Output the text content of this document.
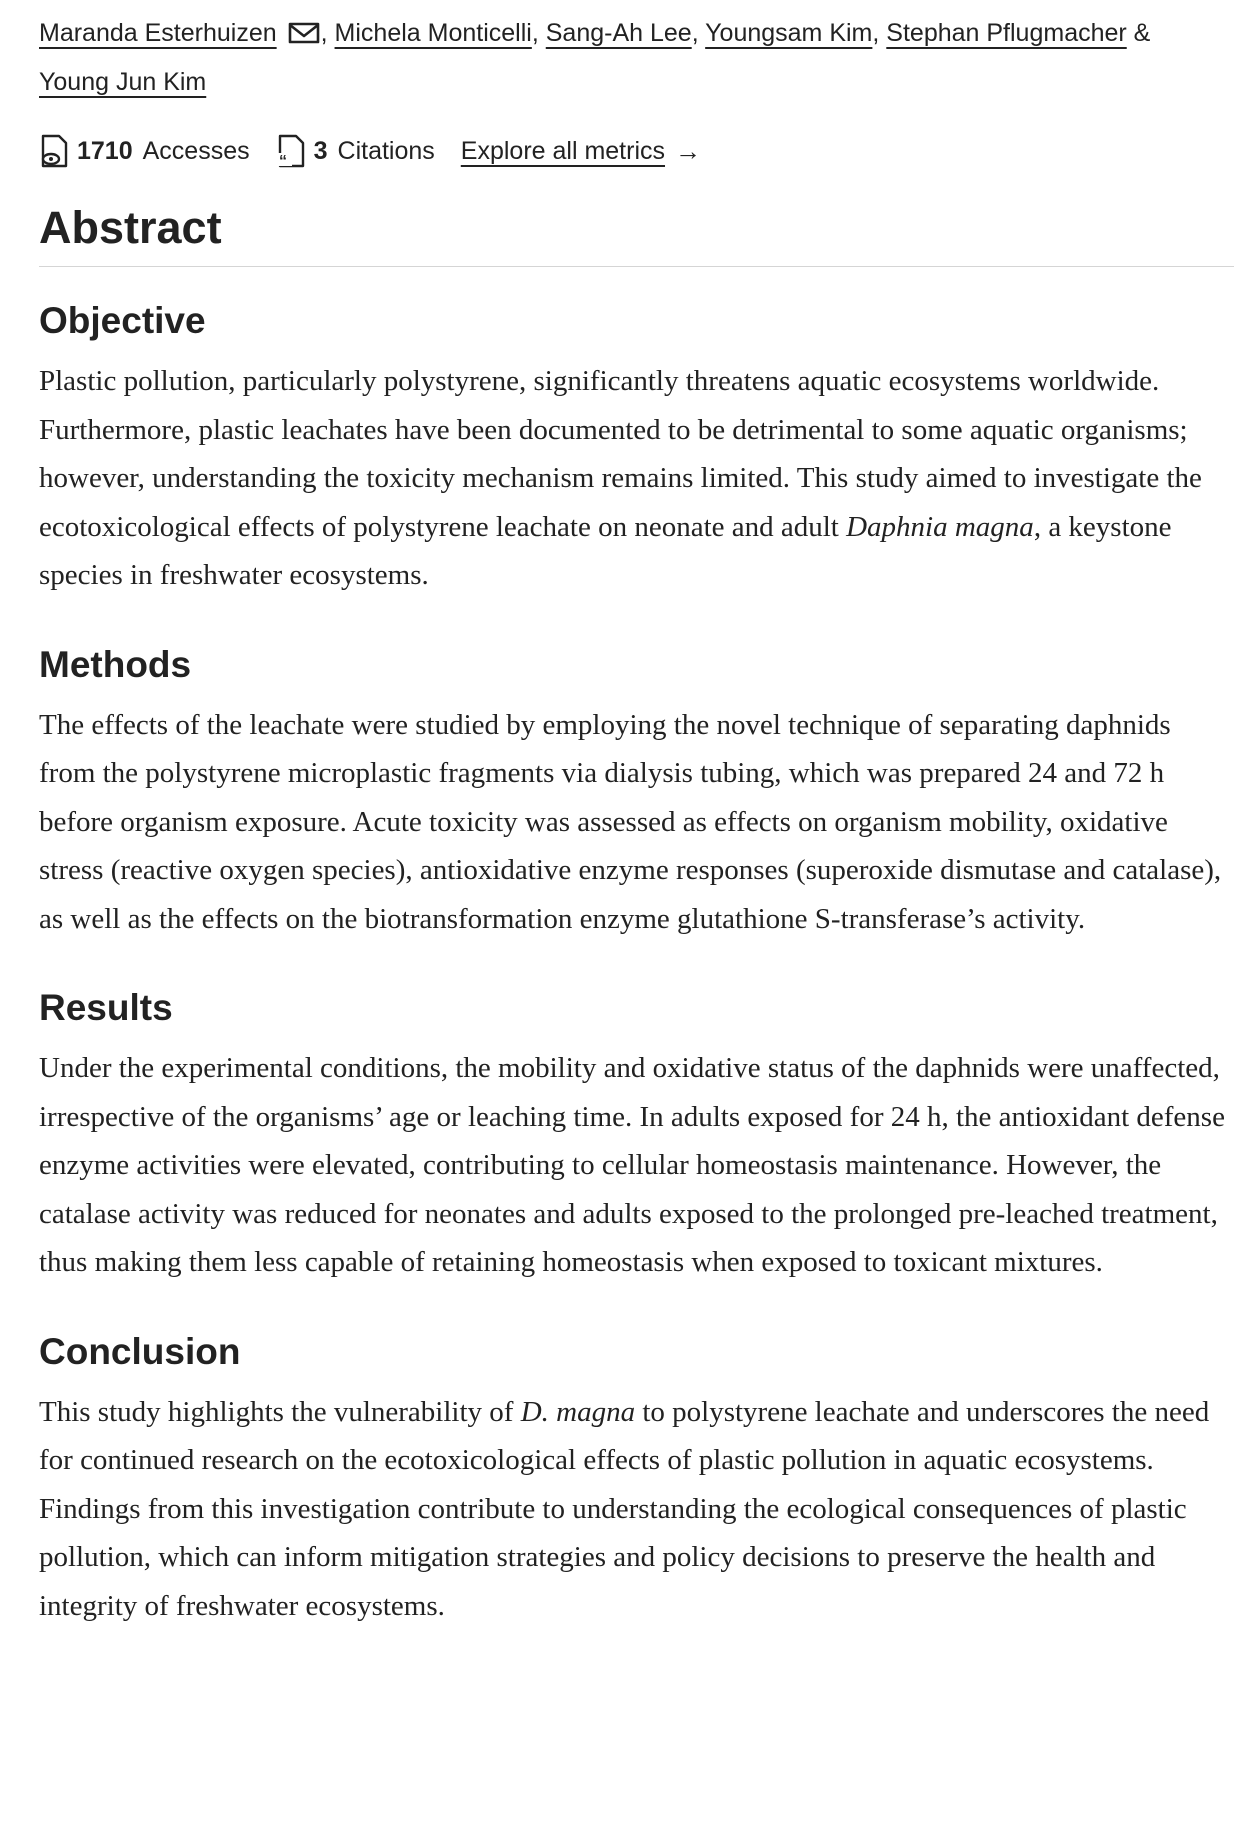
Maranda Esterhuizen , Michela Monticelli, Sang-Ah Lee, Youngsam Kim, Stephan Pflugmacher &
Young Jun Kim
1710 Accesses “ 3 Citations Explore all metrics →
Abstract
Objective

Plastic pollution, particularly polystyrene, significantly threatens aquatic ecosystems worldwide. Furthermore, plastic leachates have been documented to be detrimental to some aquatic organisms; however, understanding the toxicity mechanism remains limited. This study aimed to investigate the ecotoxicological effects of polystyrene leachate on neonate and adult Daphnia magna, a keystone species in freshwater ecosystems.

Methods

The effects of the leachate were studied by employing the novel technique of separating daphnids from the polystyrene microplastic fragments via dialysis tubing, which was prepared 24 and 72 h before organism exposure. Acute toxicity was assessed as effects on organism mobility, oxidative stress (reactive oxygen species), antioxidative enzyme responses (superoxide dismutase and catalase), as well as the effects on the biotransformation enzyme glutathione S-transferase’s activity.

Results

Under the experimental conditions, the mobility and oxidative status of the daphnids were unaffected, irrespective of the organisms’ age or leaching time. In adults exposed for 24 h, the antioxidant defense enzyme activities were elevated, contributing to cellular homeostasis maintenance. However, the catalase activity was reduced for neonates and adults exposed to the prolonged pre-leached treatment, thus making them less capable of retaining homeostasis when exposed to toxicant mixtures.

Conclusion

This study highlights the vulnerability of D. magna to polystyrene leachate and underscores the need for continued research on the ecotoxicological effects of plastic pollution in aquatic ecosystems. Findings from this investigation contribute to understanding the ecological consequences of plastic pollution, which can inform mitigation strategies and policy decisions to preserve the health and integrity of freshwater ecosystems.
